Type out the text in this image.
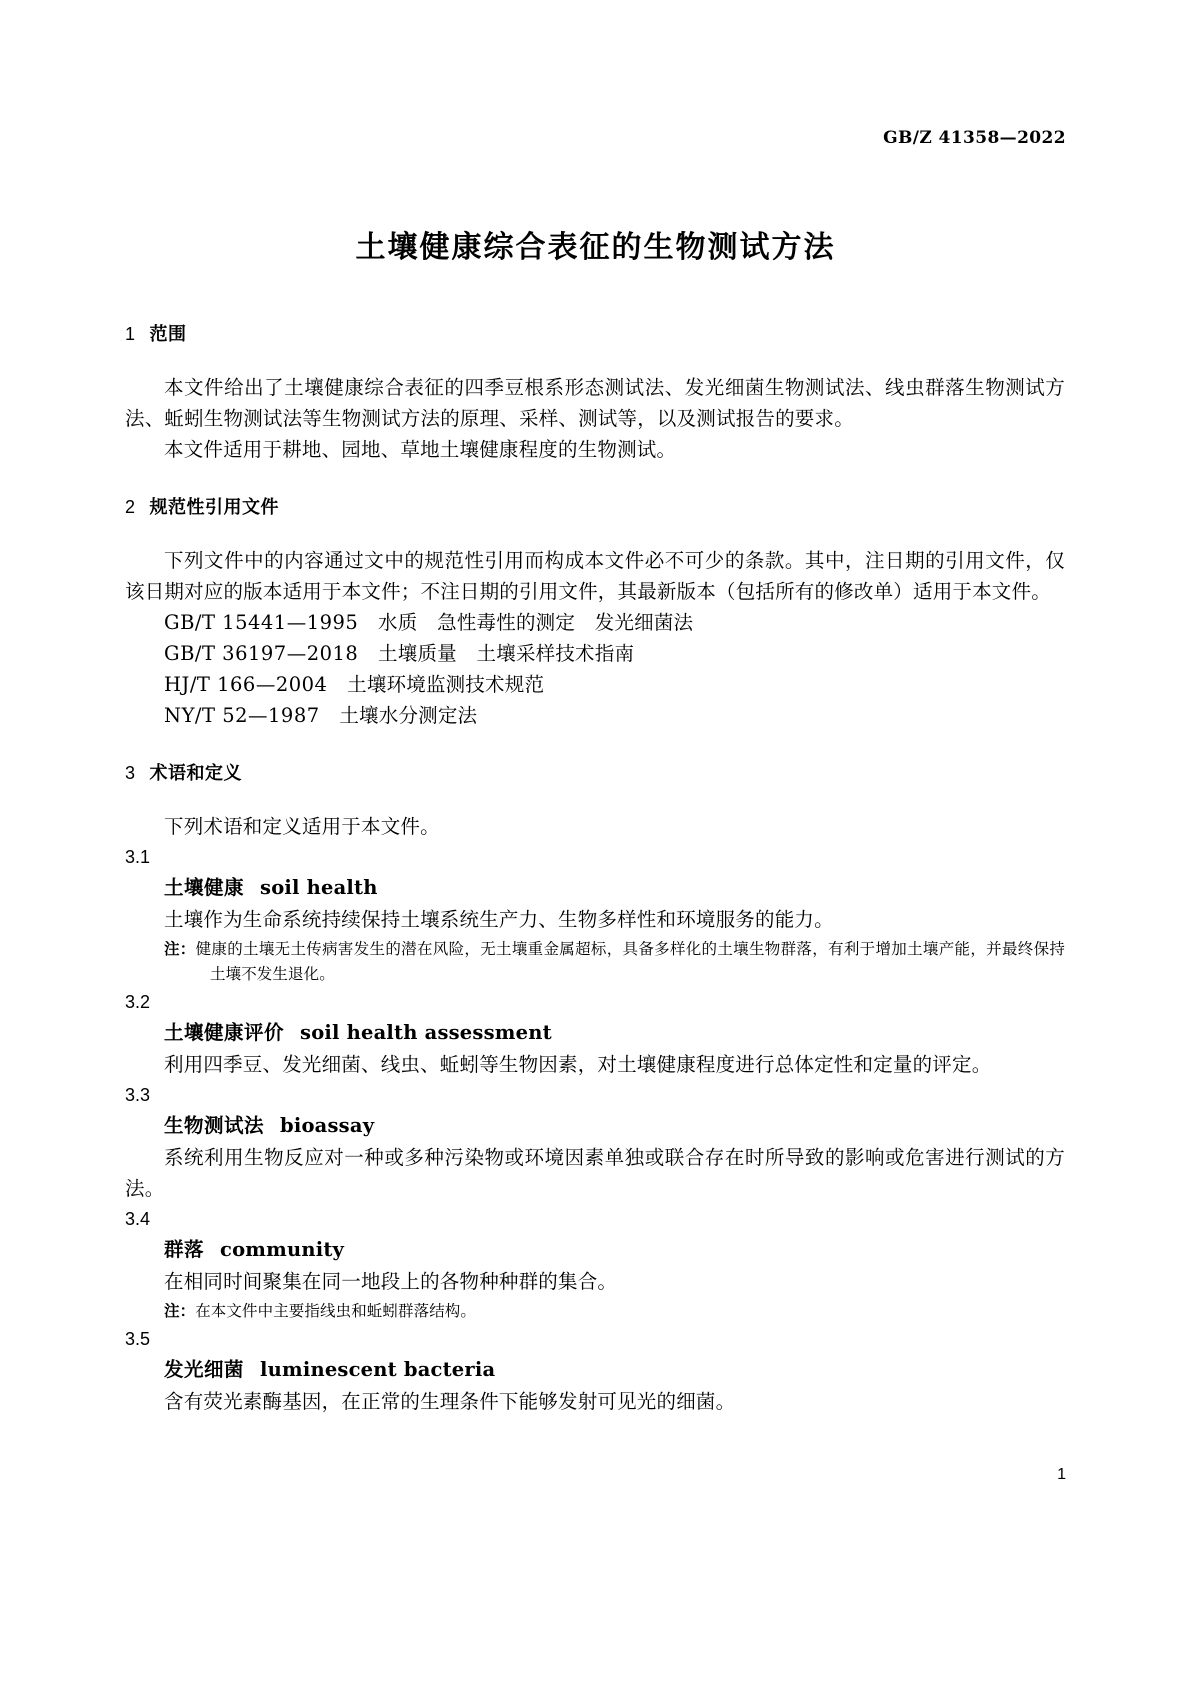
GB/Z 41358—2022
土壤健康综合表征的生物测试方法
1 范围

本文件给出了土壤健康综合表征的四季豆根系形态测试法、发光细菌生物测试法、线虫群落生物测试方法、蚯蚓生物测试法等生物测试方法的原理、采样、测试等，以及测试报告的要求。

本文件适用于耕地、园地、草地土壤健康程度的生物测试。

2 规范性引用文件

下列文件中的内容通过文中的规范性引用而构成本文件必不可少的条款。其中，注日期的引用文件，仅该日期对应的版本适用于本文件；不注日期的引用文件，其最新版本（包括所有的修改单）适用于本文件。

GB/T 15441—1995　 水质　急性毒性的测定　发光细菌法
GB/T 36197—2018　 土壤质量　土壤采样技术指南
HJ/T 166—2004　 土壤环境监测技术规范
NY/T 52—1987　 土壤水分测定法
3 术语和定义

下列术语和定义适用于本文件。

3.1

土壤健康 soil health

土壤作为生命系统持续保持土壤系统生产力、生物多样性和环境服务的能力。

注：健康的土壤无土传病害发生的潜在风险，无土壤重金属超标，具备多样化的土壤生物群落，有利于增加土壤产能，并最终保持土壤不发生退化。

3.2

土壤健康评价 soil health assessment

利用四季豆、发光细菌、线虫、蚯蚓等生物因素，对土壤健康程度进行总体定性和定量的评定。

3.3

生物测试法 bioassay

系统利用生物反应对一种或多种污染物或环境因素单独或联合存在时所导致的影响或危害进行测试的方法。

3.4

群落 community

在相同时间聚集在同一地段上的各物种种群的集合。

注：在本文件中主要指线虫和蚯蚓群落结构。

3.5

发光细菌 luminescent bacteria

含有荧光素酶基因，在正常的生理条件下能够发射可见光的细菌。

1
